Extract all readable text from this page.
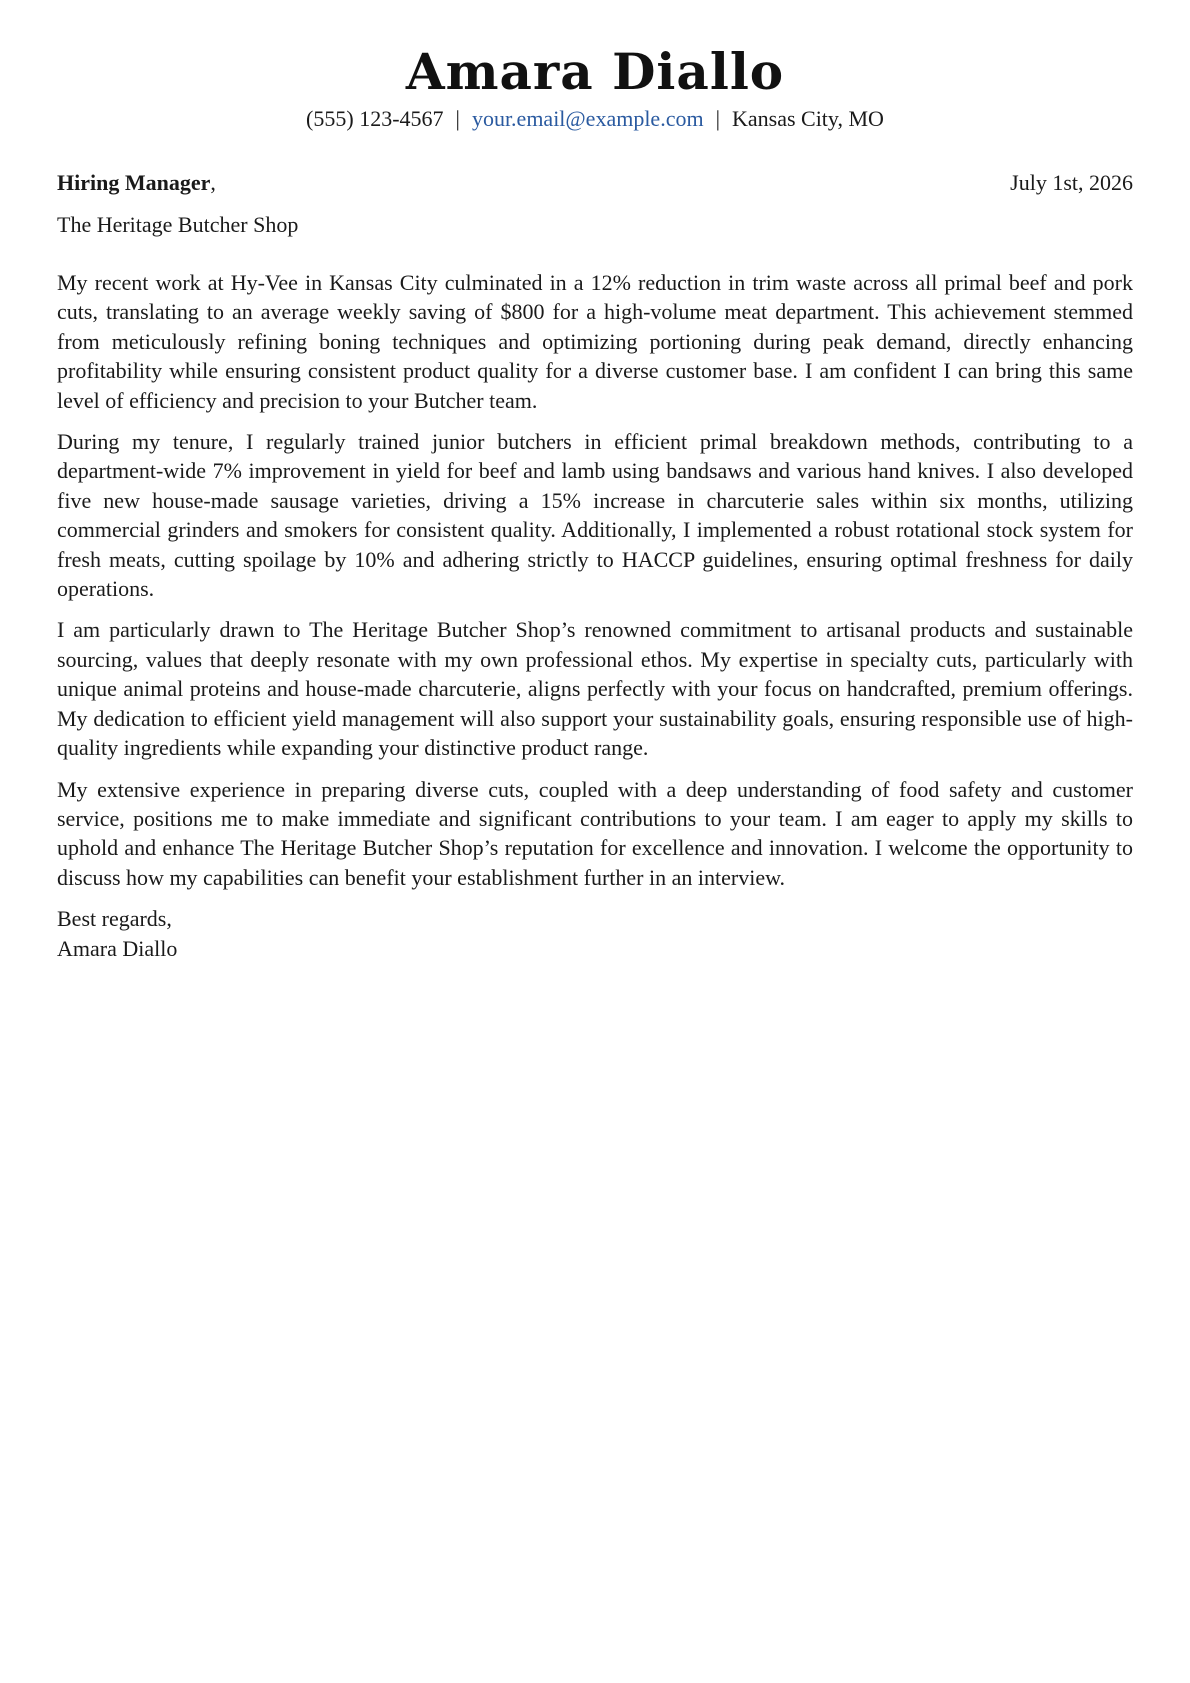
Amara Diallo
(555) 123-4567 | your.email@example.com | Kansas City, MO
Hiring Manager,	July 1st, 2026
The Heritage Butcher Shop

My recent work at Hy-Vee in Kansas City culminated in a 12% reduction in trim waste across all primal beef and pork cuts, translating to an average weekly saving of $800 for a high-volume meat department. This achievement stemmed from meticulously refining boning techniques and optimizing portioning during peak demand, directly enhancing profitability while ensuring consistent product quality for a diverse customer base. I am confident I can bring this same level of efficiency and precision to your Butcher team.

During my tenure, I regularly trained junior butchers in efficient primal breakdown methods, contributing to a department-wide 7% improvement in yield for beef and lamb using bandsaws and various hand knives. I also developed five new house-made sausage varieties, driving a 15% increase in charcuterie sales within six months, utilizing commercial grinders and smokers for consistent quality. Additionally, I implemented a robust rotational stock system for fresh meats, cutting spoilage by 10% and adhering strictly to HACCP guidelines, ensuring optimal freshness for daily operations.

I am particularly drawn to The Heritage Butcher Shop’s renowned commitment to artisanal products and sustainable sourcing, values that deeply resonate with my own professional ethos. My expertise in specialty cuts, particularly with unique animal proteins and house-made charcuterie, aligns perfectly with your focus on handcrafted, premium offerings. My dedication to efficient yield management will also support your sustainability goals, ensuring responsible use of high-quality ingredients while expanding your distinctive product range.

My extensive experience in preparing diverse cuts, coupled with a deep understanding of food safety and customer service, positions me to make immediate and significant contributions to your team. I am eager to apply my skills to uphold and enhance The Heritage Butcher Shop’s reputation for excellence and innovation. I welcome the opportunity to discuss how my capabilities can benefit your establishment further in an interview.

Best regards,
Amara Diallo
